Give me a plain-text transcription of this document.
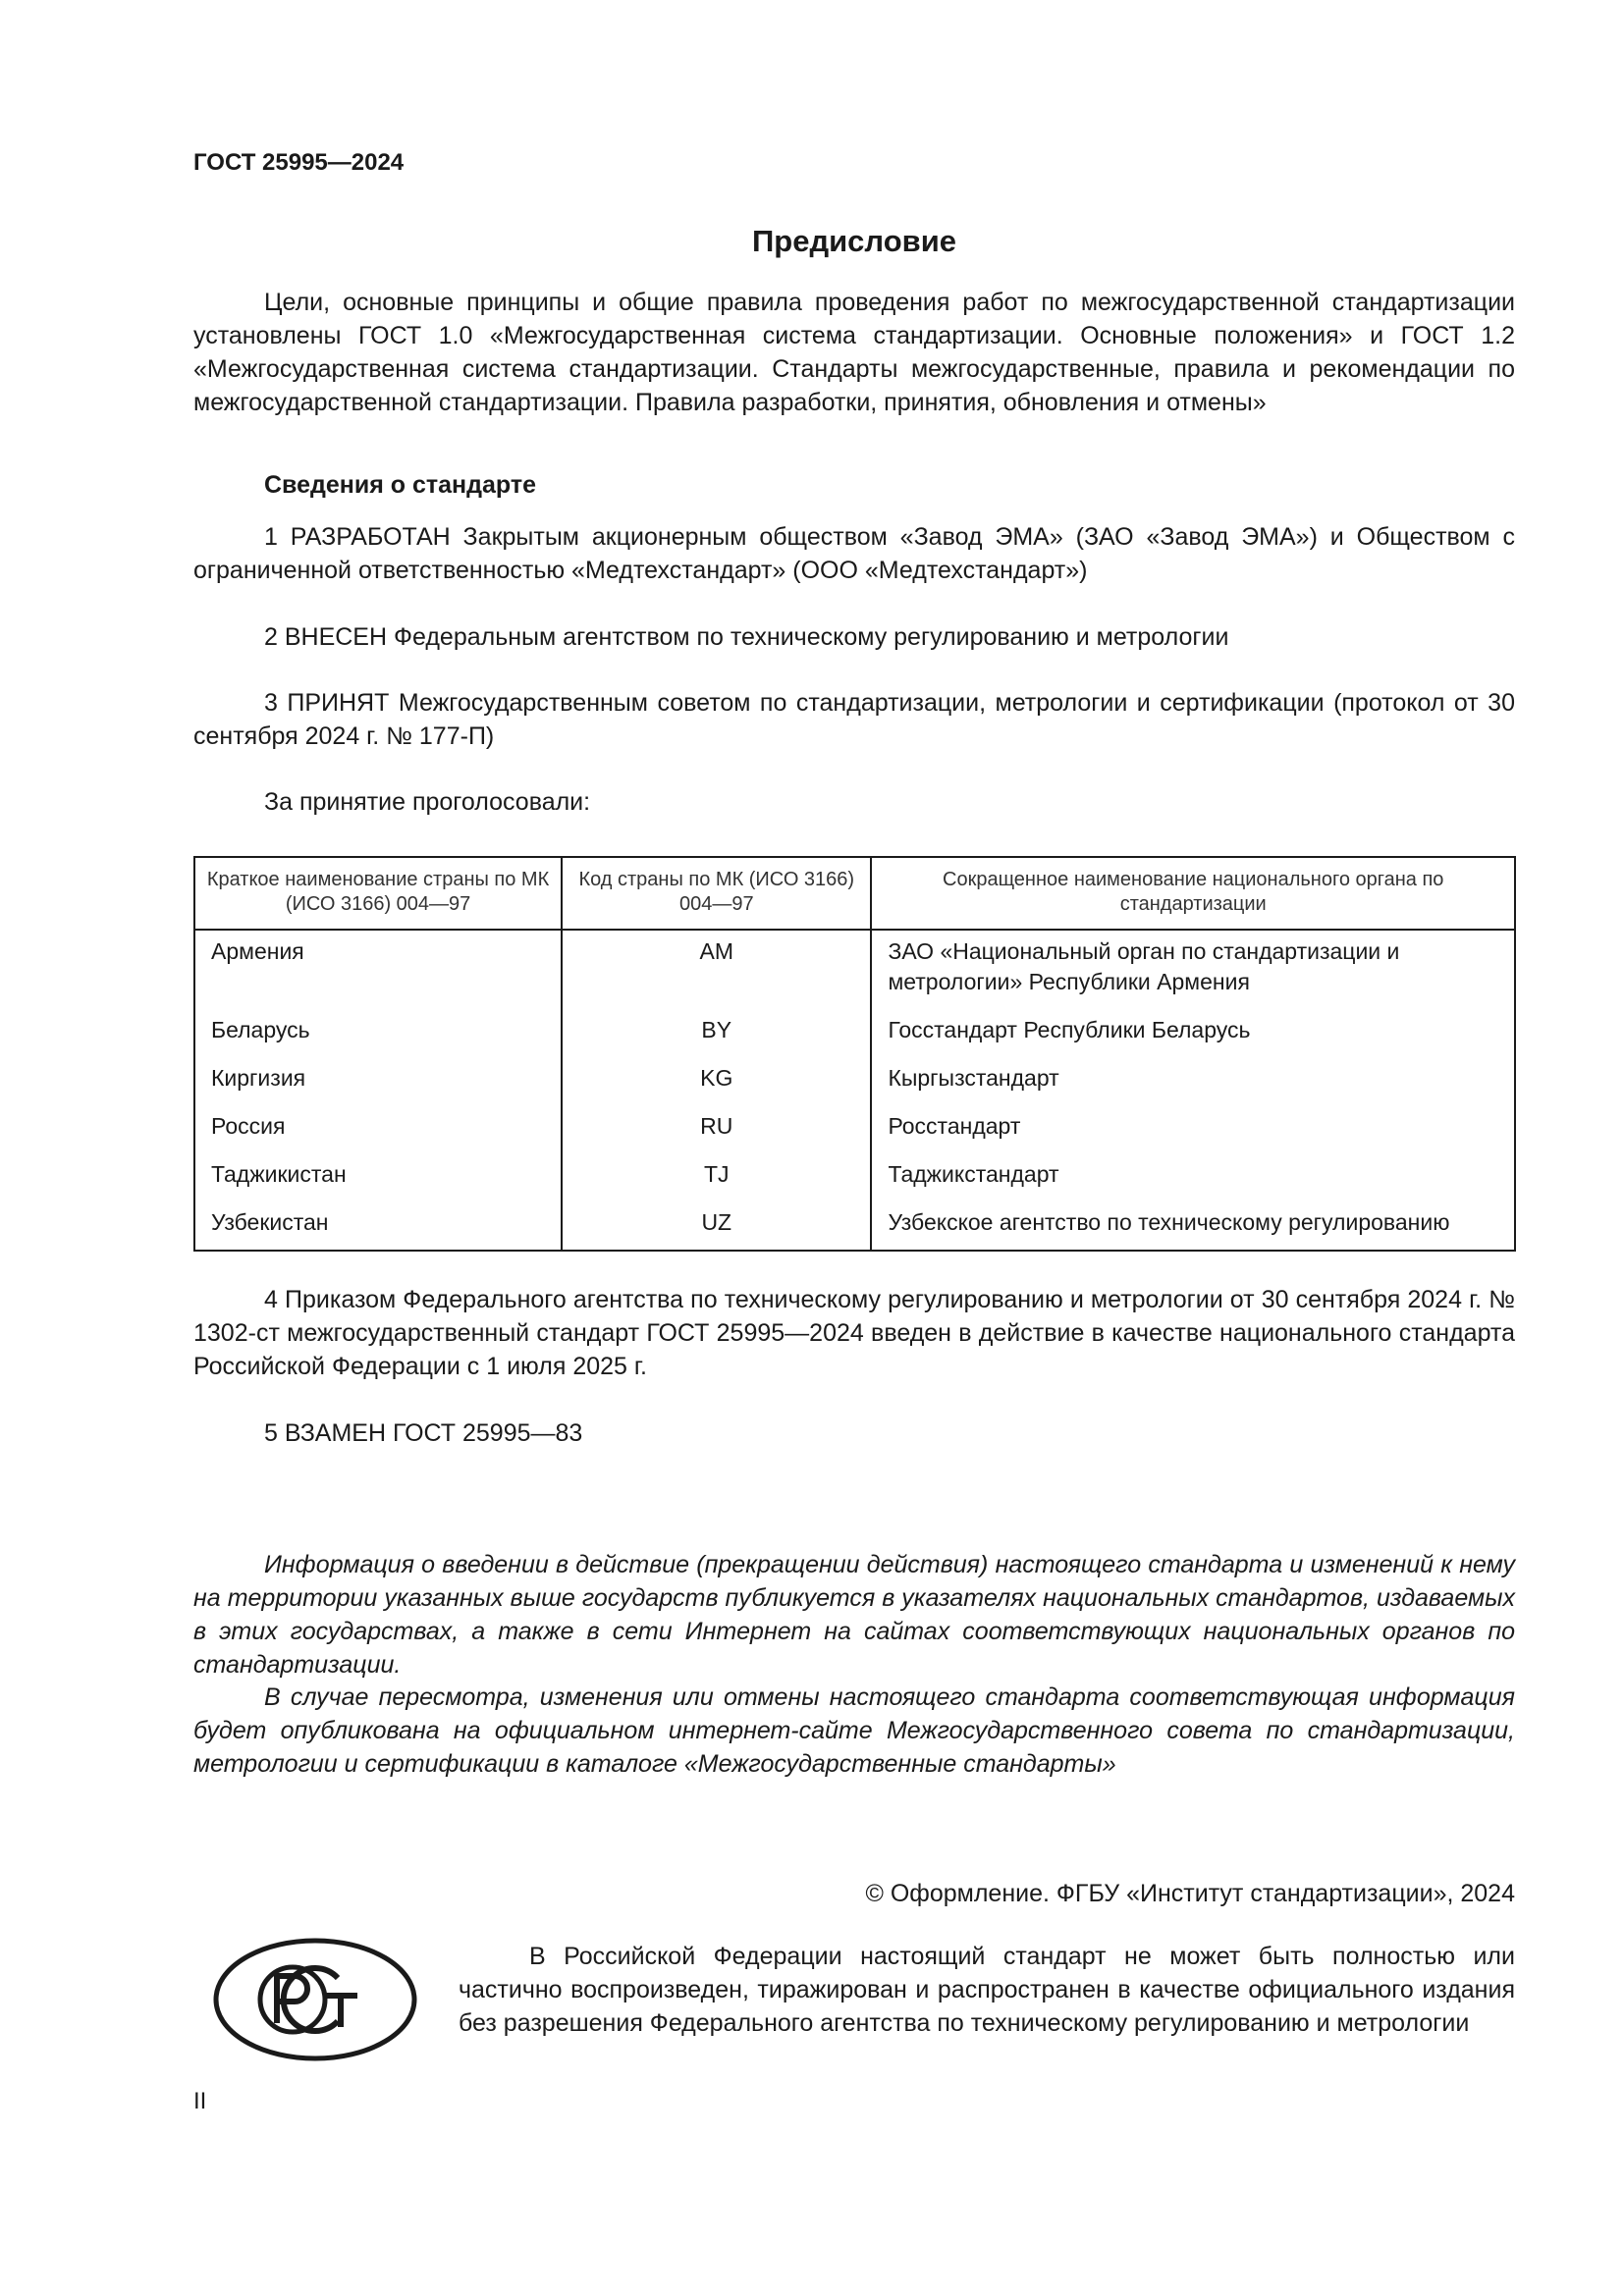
ГОСТ 25995—2024
Предисловие
Цели, основные принципы и общие правила проведения работ по межгосударственной стандартизации установлены ГОСТ 1.0 «Межгосударственная система стандартизации. Основные положения» и ГОСТ 1.2 «Межгосударственная система стандартизации. Стандарты межгосударственные, правила и рекомендации по межгосударственной стандартизации. Правила разработки, принятия, обновления и отмены»
Сведения о стандарте
1 РАЗРАБОТАН Закрытым акционерным обществом «Завод ЭМА» (ЗАО «Завод ЭМА») и Обществом с ограниченной ответственностью «Медтехстандарт» (ООО «Медтехстандарт»)
2 ВНЕСЕН Федеральным агентством по техническому регулированию и метрологии
3 ПРИНЯТ Межгосударственным советом по стандартизации, метрологии и сертификации (протокол от 30 сентября 2024 г. № 177-П)
За принятие проголосовали:
Краткое наименование страны по МК (ИСО 3166) 004—97	Код страны по МК (ИСО 3166) 004—97	Сокращенное наименование национального органа по стандартизации
Армения	AM	ЗАО «Национальный орган по стандартизации и метрологии» Республики Армения
Беларусь	BY	Госстандарт Республики Беларусь
Киргизия	KG	Кыргызстандарт
Россия	RU	Росстандарт
Таджикистан	TJ	Таджикстандарт
Узбекистан	UZ	Узбекское агентство по техническому регулированию
4 Приказом Федерального агентства по техническому регулированию и метрологии от 30 сентября 2024 г. № 1302-ст межгосударственный стандарт ГОСТ 25995—2024 введен в действие в качестве национального стандарта Российской Федерации с 1 июля 2025 г.
5 ВЗАМЕН ГОСТ 25995—83
Информация о введении в действие (прекращении действия) настоящего стандарта и изменений к нему на территории указанных выше государств публикуется в указателях национальных стандартов, издаваемых в этих государствах, а также в сети Интернет на сайтах соответствующих национальных органов по стандартизации.
В случае пересмотра, изменения или отмены настоящего стандарта соответствующая информация будет опубликована на официальном интернет-сайте Межгосударственного совета по стандартизации, метрологии и сертификации в каталоге «Межгосударственные стандарты»
© Оформление. ФГБУ «Институт стандартизации», 2024
В Российской Федерации настоящий стандарт не может быть полностью или частично воспроизведен, тиражирован и распространен в качестве официального издания без разрешения Федерального агентства по техническому регулированию и метрологии
II
